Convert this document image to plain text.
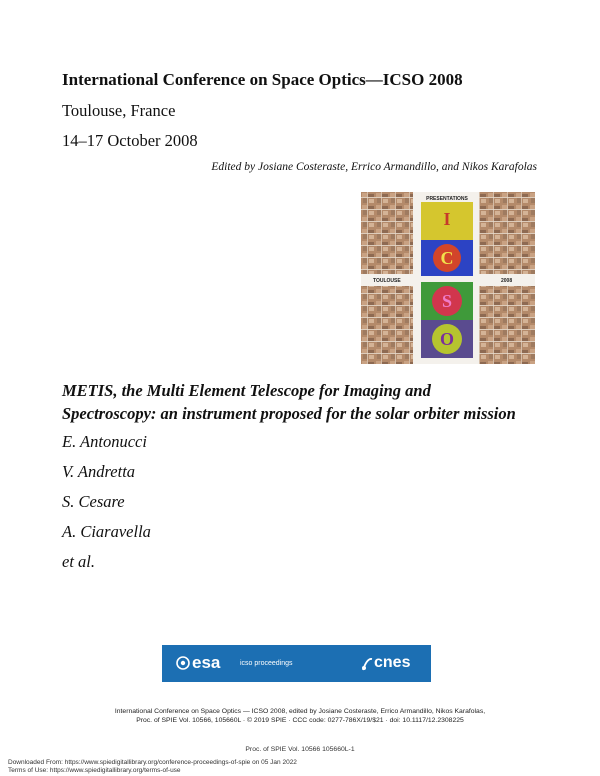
International Conference on Space Optics—ICSO 2008
Toulouse, France
14–17 October 2008
Edited by Josiane Costeraste, Errico Armandillo, and Nikos Karafolas
I
C
S
O
PRESENTATIONS
TOULOUSE	2008
METIS, the Multi Element Telescope for Imaging and
Spectroscopy: an instrument proposed for the solar orbiter mission
E. Antonucci
V. Andretta
S. Cesare
A. Ciaravella
et al.
esa	icso proceedings	cnes
International Conference on Space Optics — ICSO 2008, edited by Josiane Costeraste, Errico Armandillo, Nikos Karafolas,
Proc. of SPIE Vol. 10566, 105660L · © 2019 SPIE · CCC code: 0277-786X/19/$21 · doi: 10.1117/12.2308225
Proc. of SPIE Vol. 10566 105660L-1
Downloaded From: https://www.spiedigitallibrary.org/conference-proceedings-of-spie on 05 Jan 2022
Terms of Use: https://www.spiedigitallibrary.org/terms-of-use
